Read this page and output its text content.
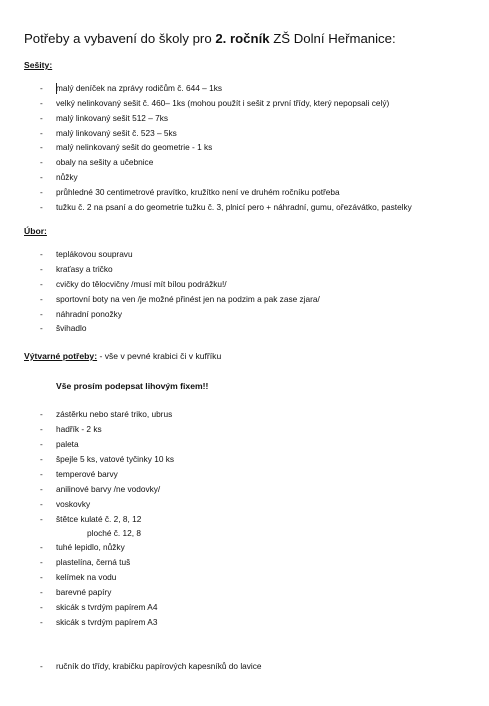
Potřeby a vybavení do školy pro 2. ročník ZŠ Dolní Heřmanice:
Sešity:
- malý deníček na zprávy rodičům č. 644 – 1ks
- velký nelinkovaný sešit č. 460– 1ks (mohou použít i sešit z první třídy, který nepopsali celý)
- malý linkovaný sešit 512 – 7ks
- malý linkovaný sešit č. 523 – 5ks
- malý nelinkovaný sešit do geometrie - 1 ks
- obaly na sešity a učebnice
- nůžky
- průhledné 30 centimetrové pravítko, kružítko není ve druhém ročníku potřeba
- tužku č. 2 na psaní a do geometrie tužku č. 3, plnicí pero + náhradní, gumu, ořezávátko, pastelky
Úbor:
- teplákovou soupravu
- kraťasy a tričko
- cvičky do tělocvičny /musí mít bílou podrážku!/
- sportovní boty na ven /je možné přinést jen na podzim a pak zase zjara/
- náhradní ponožky
- švihadlo
Výtvarné potřeby: - vše v pevné krabici či v kufříku
Vše prosím podepsat lihovým fixem!!
- zástěrku nebo staré triko, ubrus
- hadřík - 2 ks
- paleta
- špejle 5 ks, vatové tyčinky 10 ks
- temperové barvy
- anilinové barvy /ne vodovky/
- voskovky
- štětce kulaté č. 2, 8, 12
- tuhé lepidlo, nůžky
- plastelína, černá tuš
- kelímek na vodu
- barevné papíry
- skicák s tvrdým papírem A4
- skicák s tvrdým papírem A3
ploché č. 12, 8
- ručník do třídy, krabičku papírových kapesníků do lavice
